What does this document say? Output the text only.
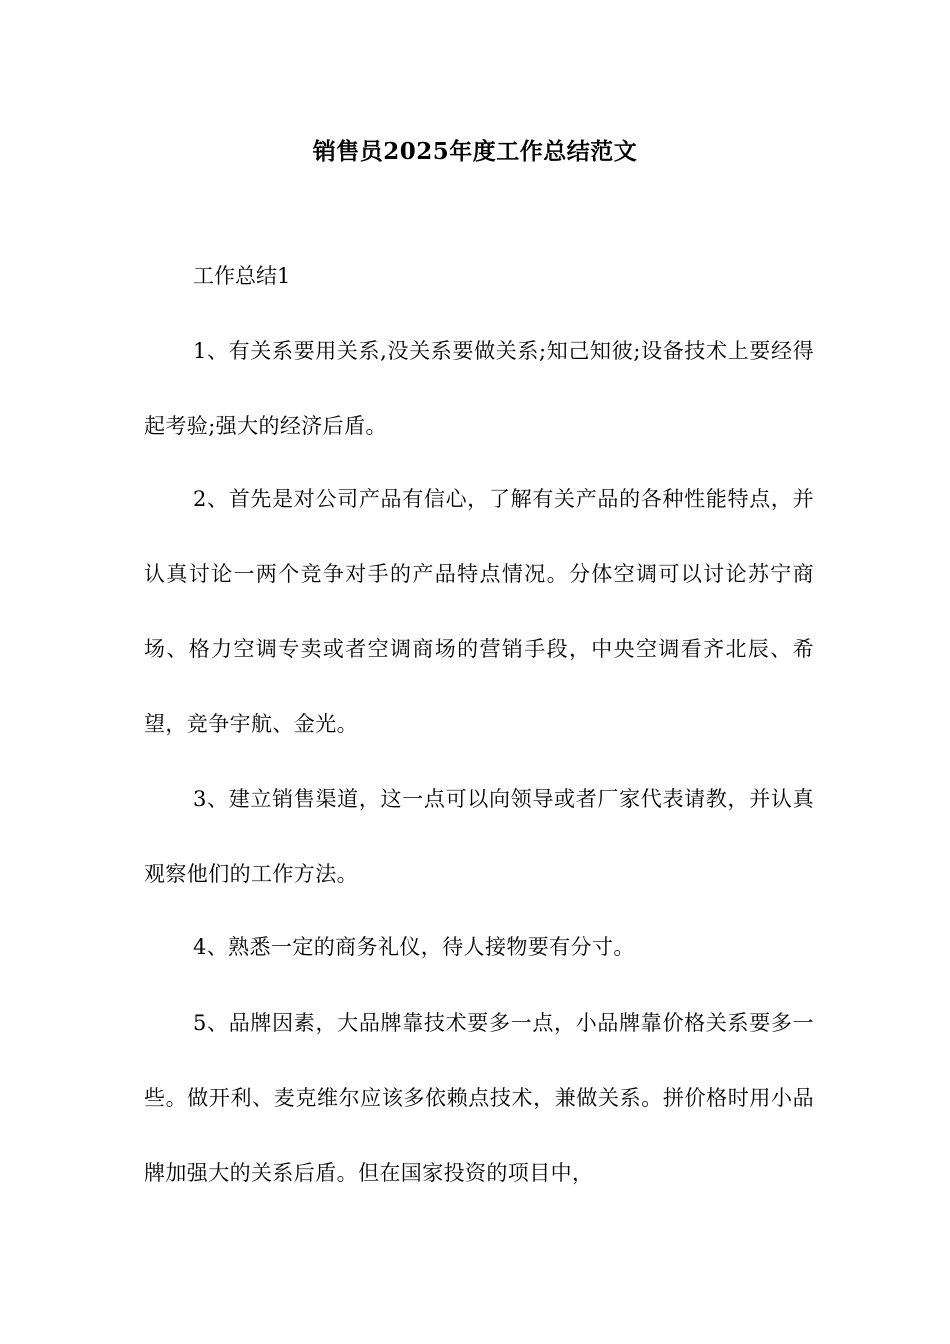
销售员2025年度工作总结范文
工作总结1

1、有关系要用关系,没关系要做关系;知己知彼;设备技术上要经得起考验;强大的经济后盾。

2、首先是对公司产品有信心，了解有关产品的各种性能特点，并认真讨论一两个竞争对手的产品特点情况。分体空调可以讨论苏宁商场、格力空调专卖或者空调商场的营销手段，中央空调看齐北辰、希望，竞争宇航、金光。

3、建立销售渠道，这一点可以向领导或者厂家代表请教，并认真观察他们的工作方法。

4、熟悉一定的商务礼仪，待人接物要有分寸。

5、品牌因素，大品牌靠技术要多一点，小品牌靠价格关系要多一些。做开利、麦克维尔应该多依赖点技术，兼做关系。拼价格时用小品牌加强大的关系后盾。但在国家投资的项目中，
